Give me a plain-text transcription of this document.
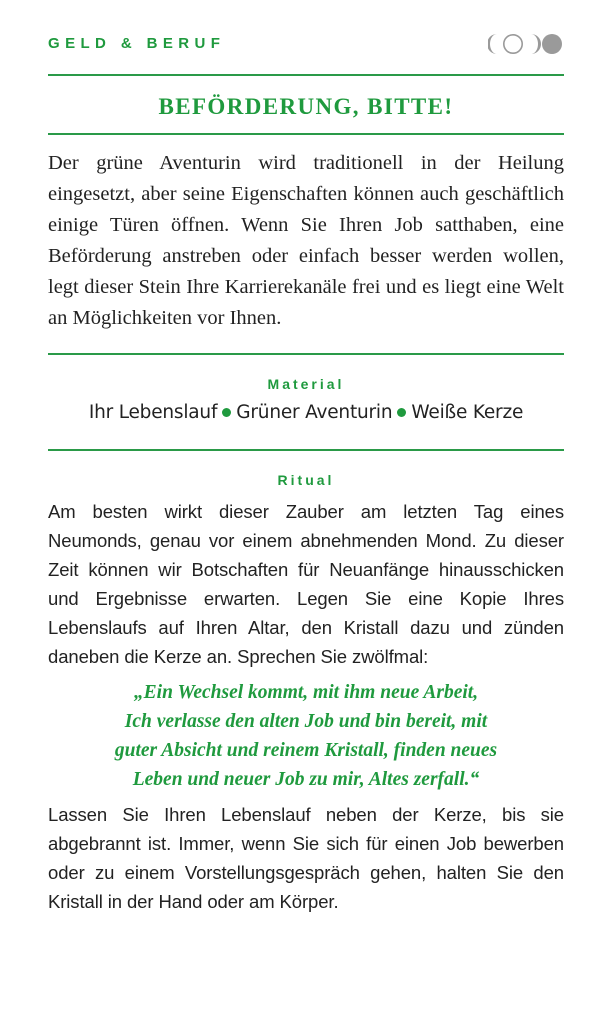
GELD & BERUF
BEFÖRDERUNG, BITTE!

Der grüne Aventurin wird traditionell in der Heilung eingesetzt, aber seine Eigenschaften können auch geschäftlich einige Türen öffnen. Wenn Sie Ihren Job satthaben, eine Beförderung anstreben oder einfach besser werden wollen, legt dieser Stein Ihre Karrierekanäle frei und es liegt eine Welt an Möglichkeiten vor Ihnen.

Material
Ihr Lebenslauf Grüner Aventurin Weiße Kerze
Ritual

Am besten wirkt dieser Zauber am letzten Tag eines Neumonds, genau vor einem abnehmenden Mond. Zu dieser Zeit können wir Botschaften für Neuanfänge hinausschicken und Ergebnisse erwarten. Legen Sie eine Kopie Ihres Lebenslaufs auf Ihren Altar, den Kristall dazu und zünden daneben die Kerze an. Sprechen Sie zwölfmal:

„Ein Wechsel kommt, mit ihm neue Arbeit,
Ich verlasse den alten Job und bin bereit, mit
guter Absicht und reinem Kristall, finden neues
Leben und neuer Job zu mir, Altes zerfall.“

Lassen Sie Ihren Lebenslauf neben der Kerze, bis sie abgebrannt ist. Immer, wenn Sie sich für einen Job bewerben oder zu einem Vorstellungsgespräch gehen, halten Sie den Kristall in der Hand oder am Körper.
